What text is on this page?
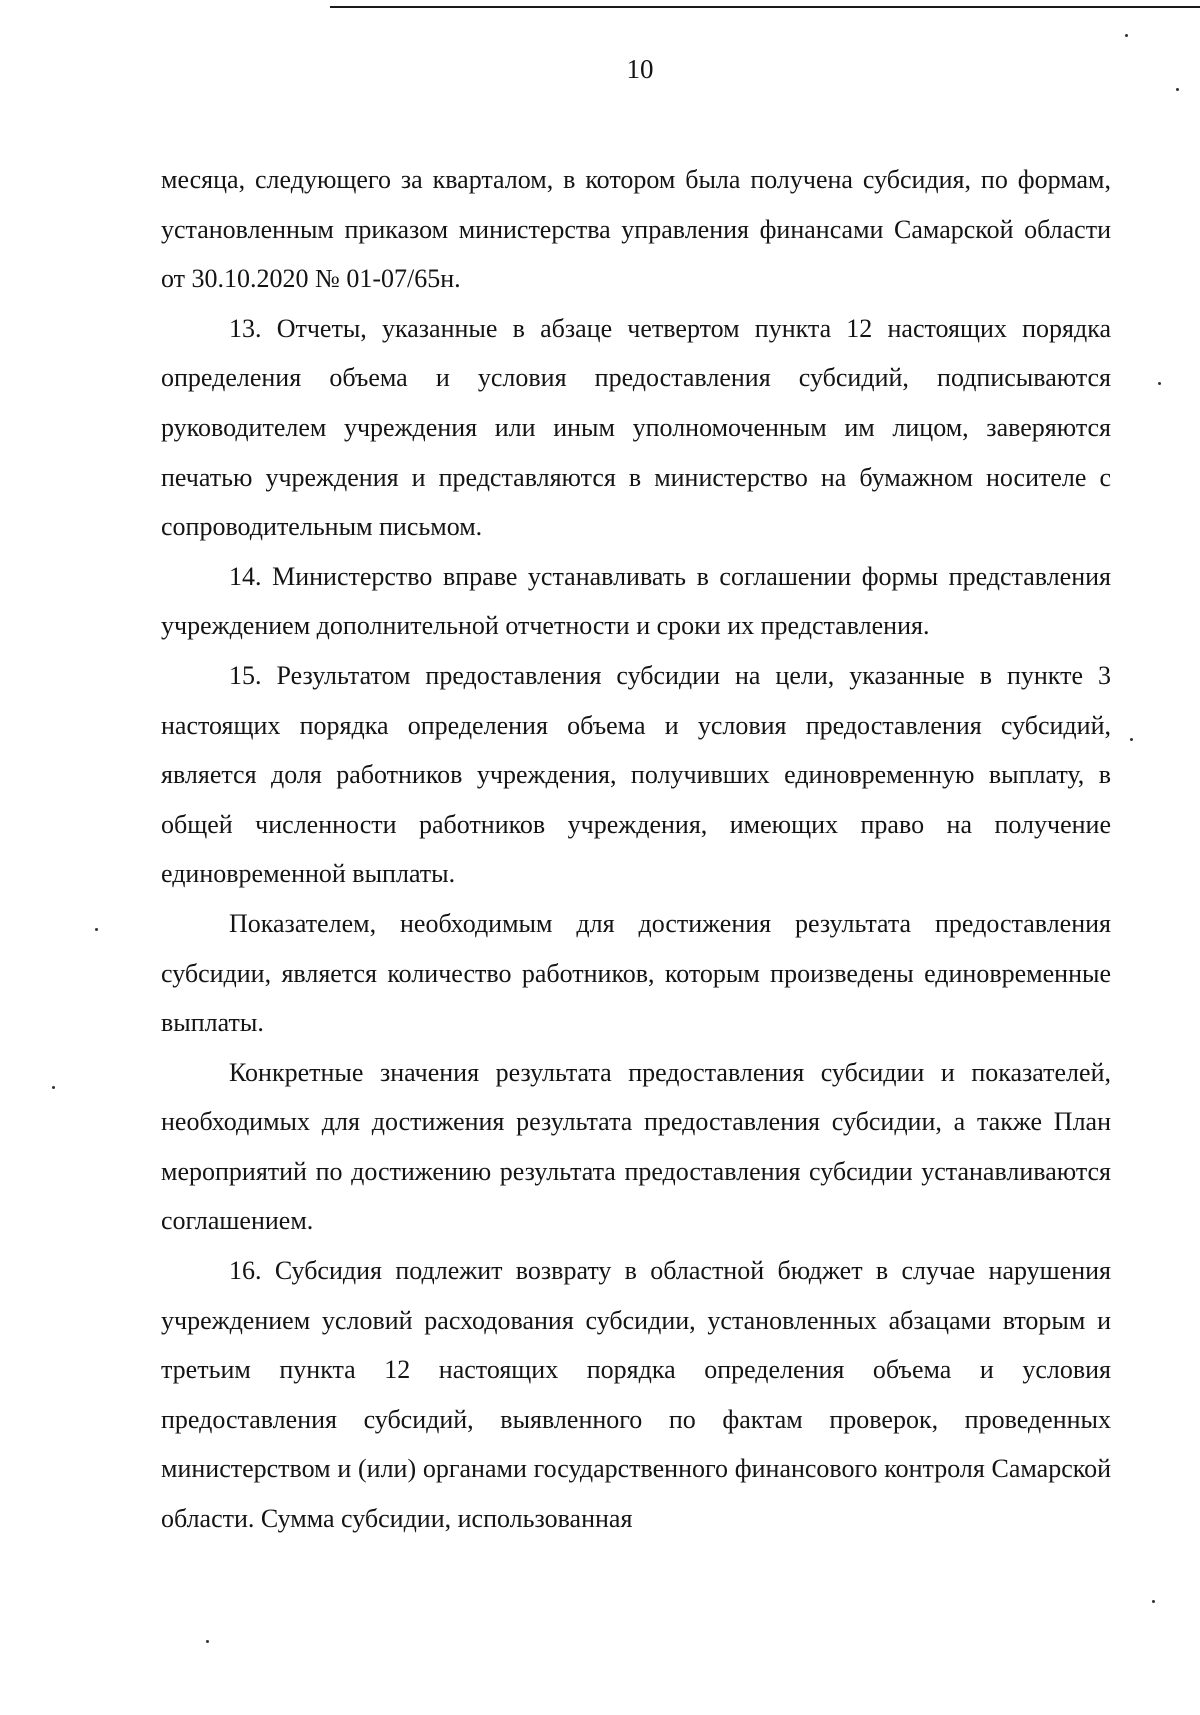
10

месяца, следующего за кварталом, в котором была получена субсидия, по формам, установленным приказом министерства управления финансами Самарской области от 30.10.2020 № 01-07/65н.

13. Отчеты, указанные в абзаце четвертом пункта 12 настоящих порядка определения объема и условия предоставления субсидий, подписываются руководителем учреждения или иным уполномоченным им лицом, заверяются печатью учреждения и представляются в министерство на бумажном носителе с сопроводительным письмом.

14. Министерство вправе устанавливать в соглашении формы представления учреждением дополнительной отчетности и сроки их представления.

15. Результатом предоставления субсидии на цели, указанные в пункте 3 настоящих порядка определения объема и условия предоставления субсидий, является доля работников учреждения, получивших единовременную выплату, в общей численности работников учреждения, имеющих право на получение единовременной выплаты.

Показателем, необходимым для достижения результата предоставления субсидии, является количество работников, которым произведены единовременные выплаты.

Конкретные значения результата предоставления субсидии и показателей, необходимых для достижения результата предоставления субсидии, а также План мероприятий по достижению результата предоставления субсидии устанавливаются соглашением.

16. Субсидия подлежит возврату в областной бюджет в случае нарушения учреждением условий расходования субсидии, установленных абзацами вторым и третьим пункта 12 настоящих порядка определения объема и условия предоставления субсидий, выявленного по фактам проверок, проведенных министерством и (или) органами государственного финансового контроля Самарской области. Сумма субсидии, использованная
